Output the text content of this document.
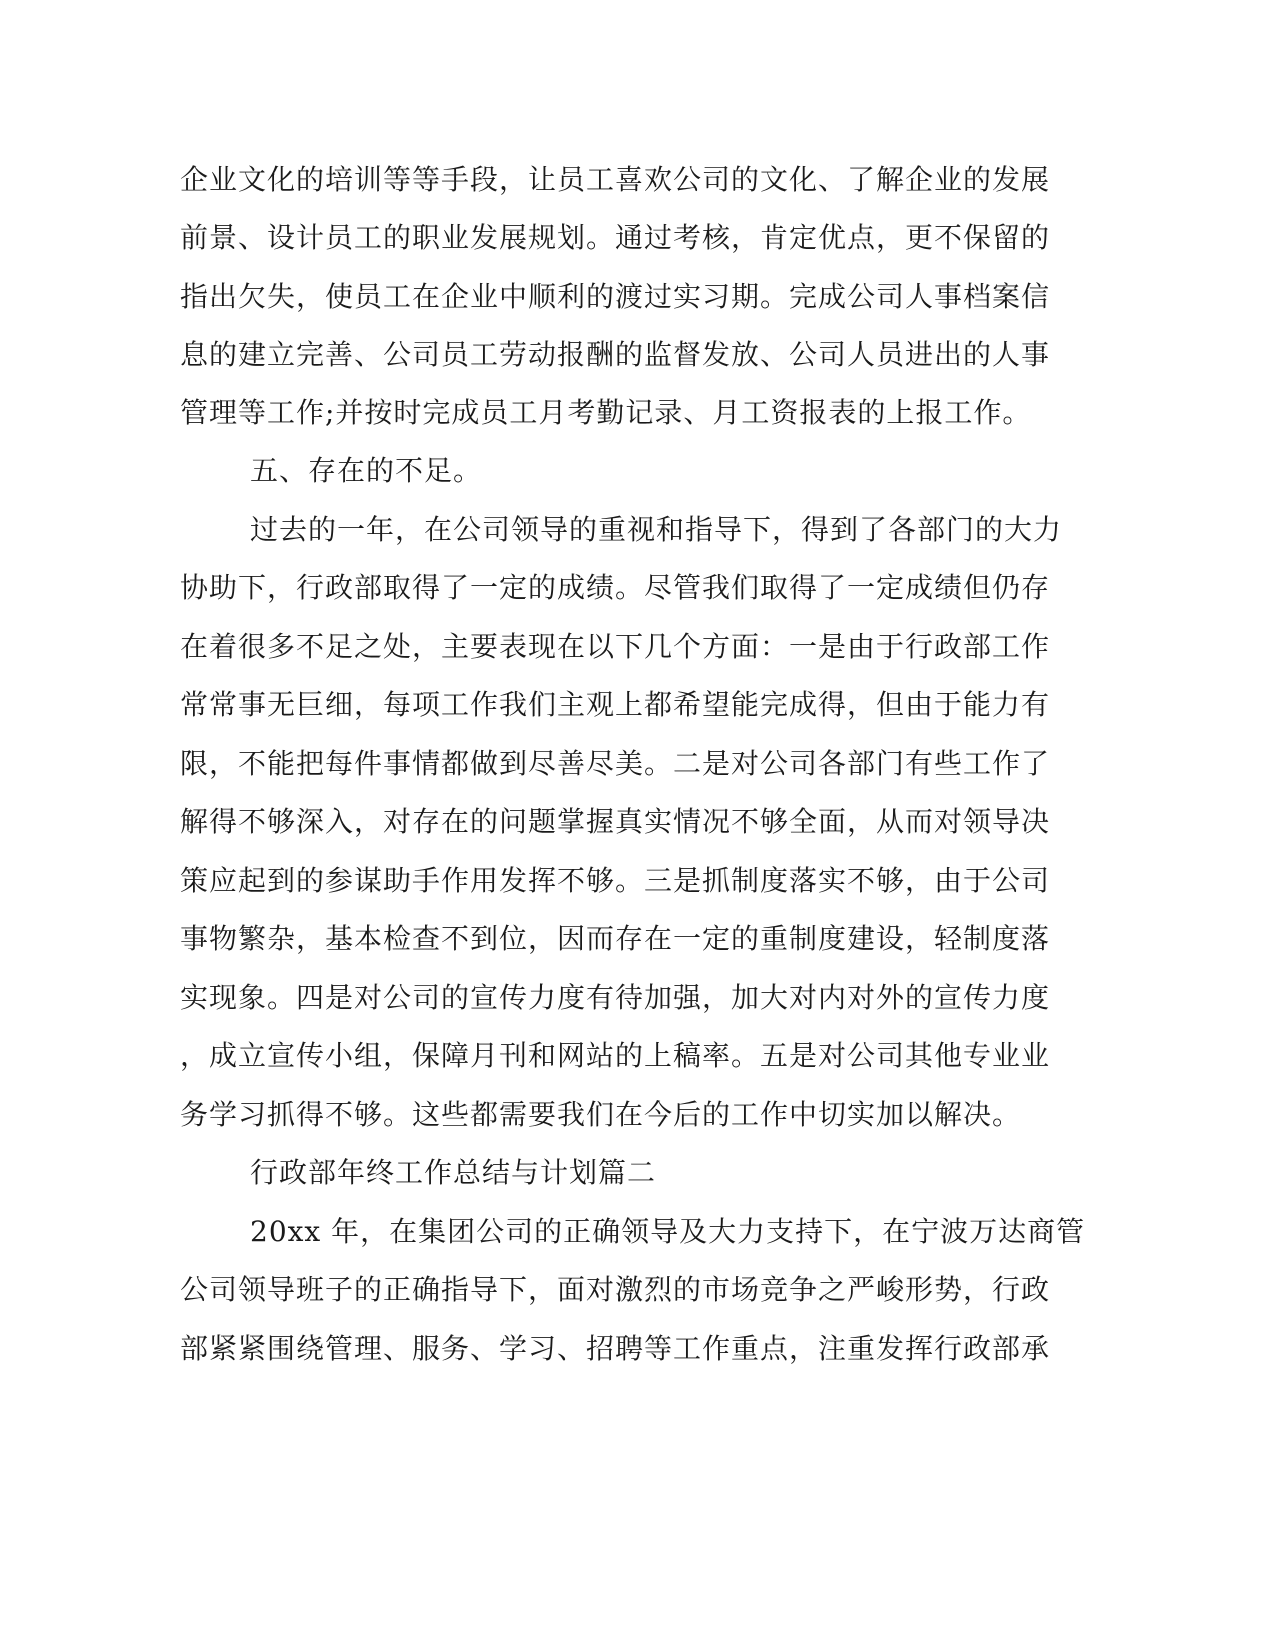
企业文化的培训等等手段，让员工喜欢公司的文化、了解企业的发展
前景、设计员工的职业发展规划。通过考核，肯定优点，更不保留的
指出欠失，使员工在企业中顺利的渡过实习期。完成公司人事档案信
息的建立完善、公司员工劳动报酬的监督发放、公司人员进出的人事
管理等工作;并按时完成员工月考勤记录、月工资报表的上报工作。
五、存在的不足。
过去的一年，在公司领导的重视和指导下，得到了各部门的大力
协助下，行政部取得了一定的成绩。尽管我们取得了一定成绩但仍存
在着很多不足之处，主要表现在以下几个方面：一是由于行政部工作
常常事无巨细，每项工作我们主观上都希望能完成得，但由于能力有
限，不能把每件事情都做到尽善尽美。二是对公司各部门有些工作了
解得不够深入，对存在的问题掌握真实情况不够全面，从而对领导决
策应起到的参谋助手作用发挥不够。三是抓制度落实不够，由于公司
事物繁杂，基本检查不到位，因而存在一定的重制度建设，轻制度落
实现象。四是对公司的宣传力度有待加强，加大对内对外的宣传力度
，成立宣传小组，保障月刊和网站的上稿率。五是对公司其他专业业
务学习抓得不够。这些都需要我们在今后的工作中切实加以解决。
行政部年终工作总结与计划篇二
20xx 年，在集团公司的正确领导及大力支持下，在宁波万达商管
公司领导班子的正确指导下，面对激烈的市场竞争之严峻形势，行政
部紧紧围绕管理、服务、学习、招聘等工作重点，注重发挥行政部承
